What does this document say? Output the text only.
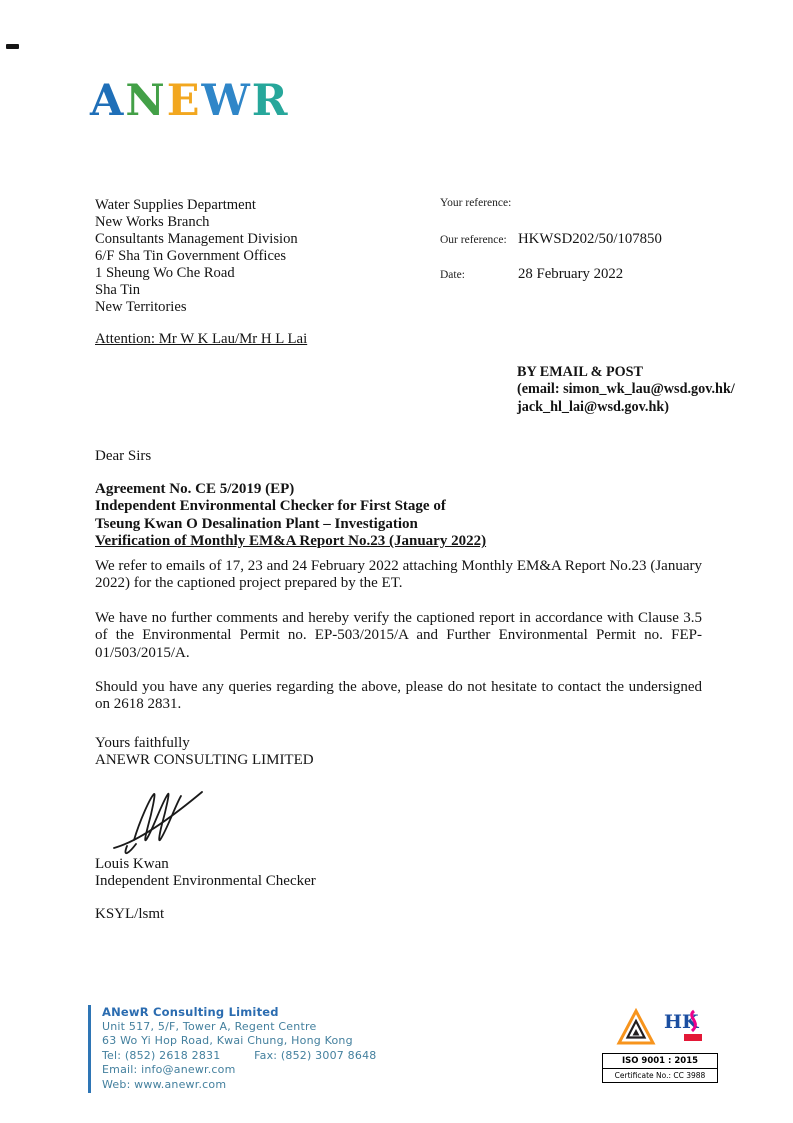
ANEWR
Water Supplies Department
New Works Branch
Consultants Management Division
6/F Sha Tin Government Offices
1 Sheung Wo Che Road
Sha Tin
New Territories
Your reference:
Our reference: HKWSD202/50/107850
Date:	28 February 2022
Attention: Mr W K Lau/Mr H L Lai
BY EMAIL & POST
(email: simon_wk_lau@wsd.gov.hk/
jack_hl_lai@wsd.gov.hk)
Dear Sirs
Agreement No. CE 5/2019 (EP)
Independent Environmental Checker for First Stage of
Tseung Kwan O Desalination Plant – Investigation
Verification of Monthly EM&A Report No.23 (January 2022)

We refer to emails of 17, 23 and 24 February 2022 attaching Monthly EM&A Report No.23 (January 2022) for the captioned project prepared by the ET.

We have no further comments and hereby verify the captioned report in accordance with Clause 3.5 of the Environmental Permit no. EP-503/2015/A and Further Environmental Permit no. FEP-01/503/2015/A.

Should you have any queries regarding the above, please do not hesitate to contact the undersigned on 2618 2831.

Yours faithfully
ANEWR CONSULTING LIMITED
Louis Kwan
Independent Environmental Checker
KSYL/lsmt
ANewR Consulting Limited
Unit 517, 5/F, Tower A, Regent Centre
63 Wo Yi Hop Road, Kwai Chung, Hong Kong
Tel: (852) 2618 2831	Fax: (852) 3007 8648
Email: info@anewr.com
Web: www.anewr.com
HK
ISO 9001 : 2015
Certificate No.: CC 3988
